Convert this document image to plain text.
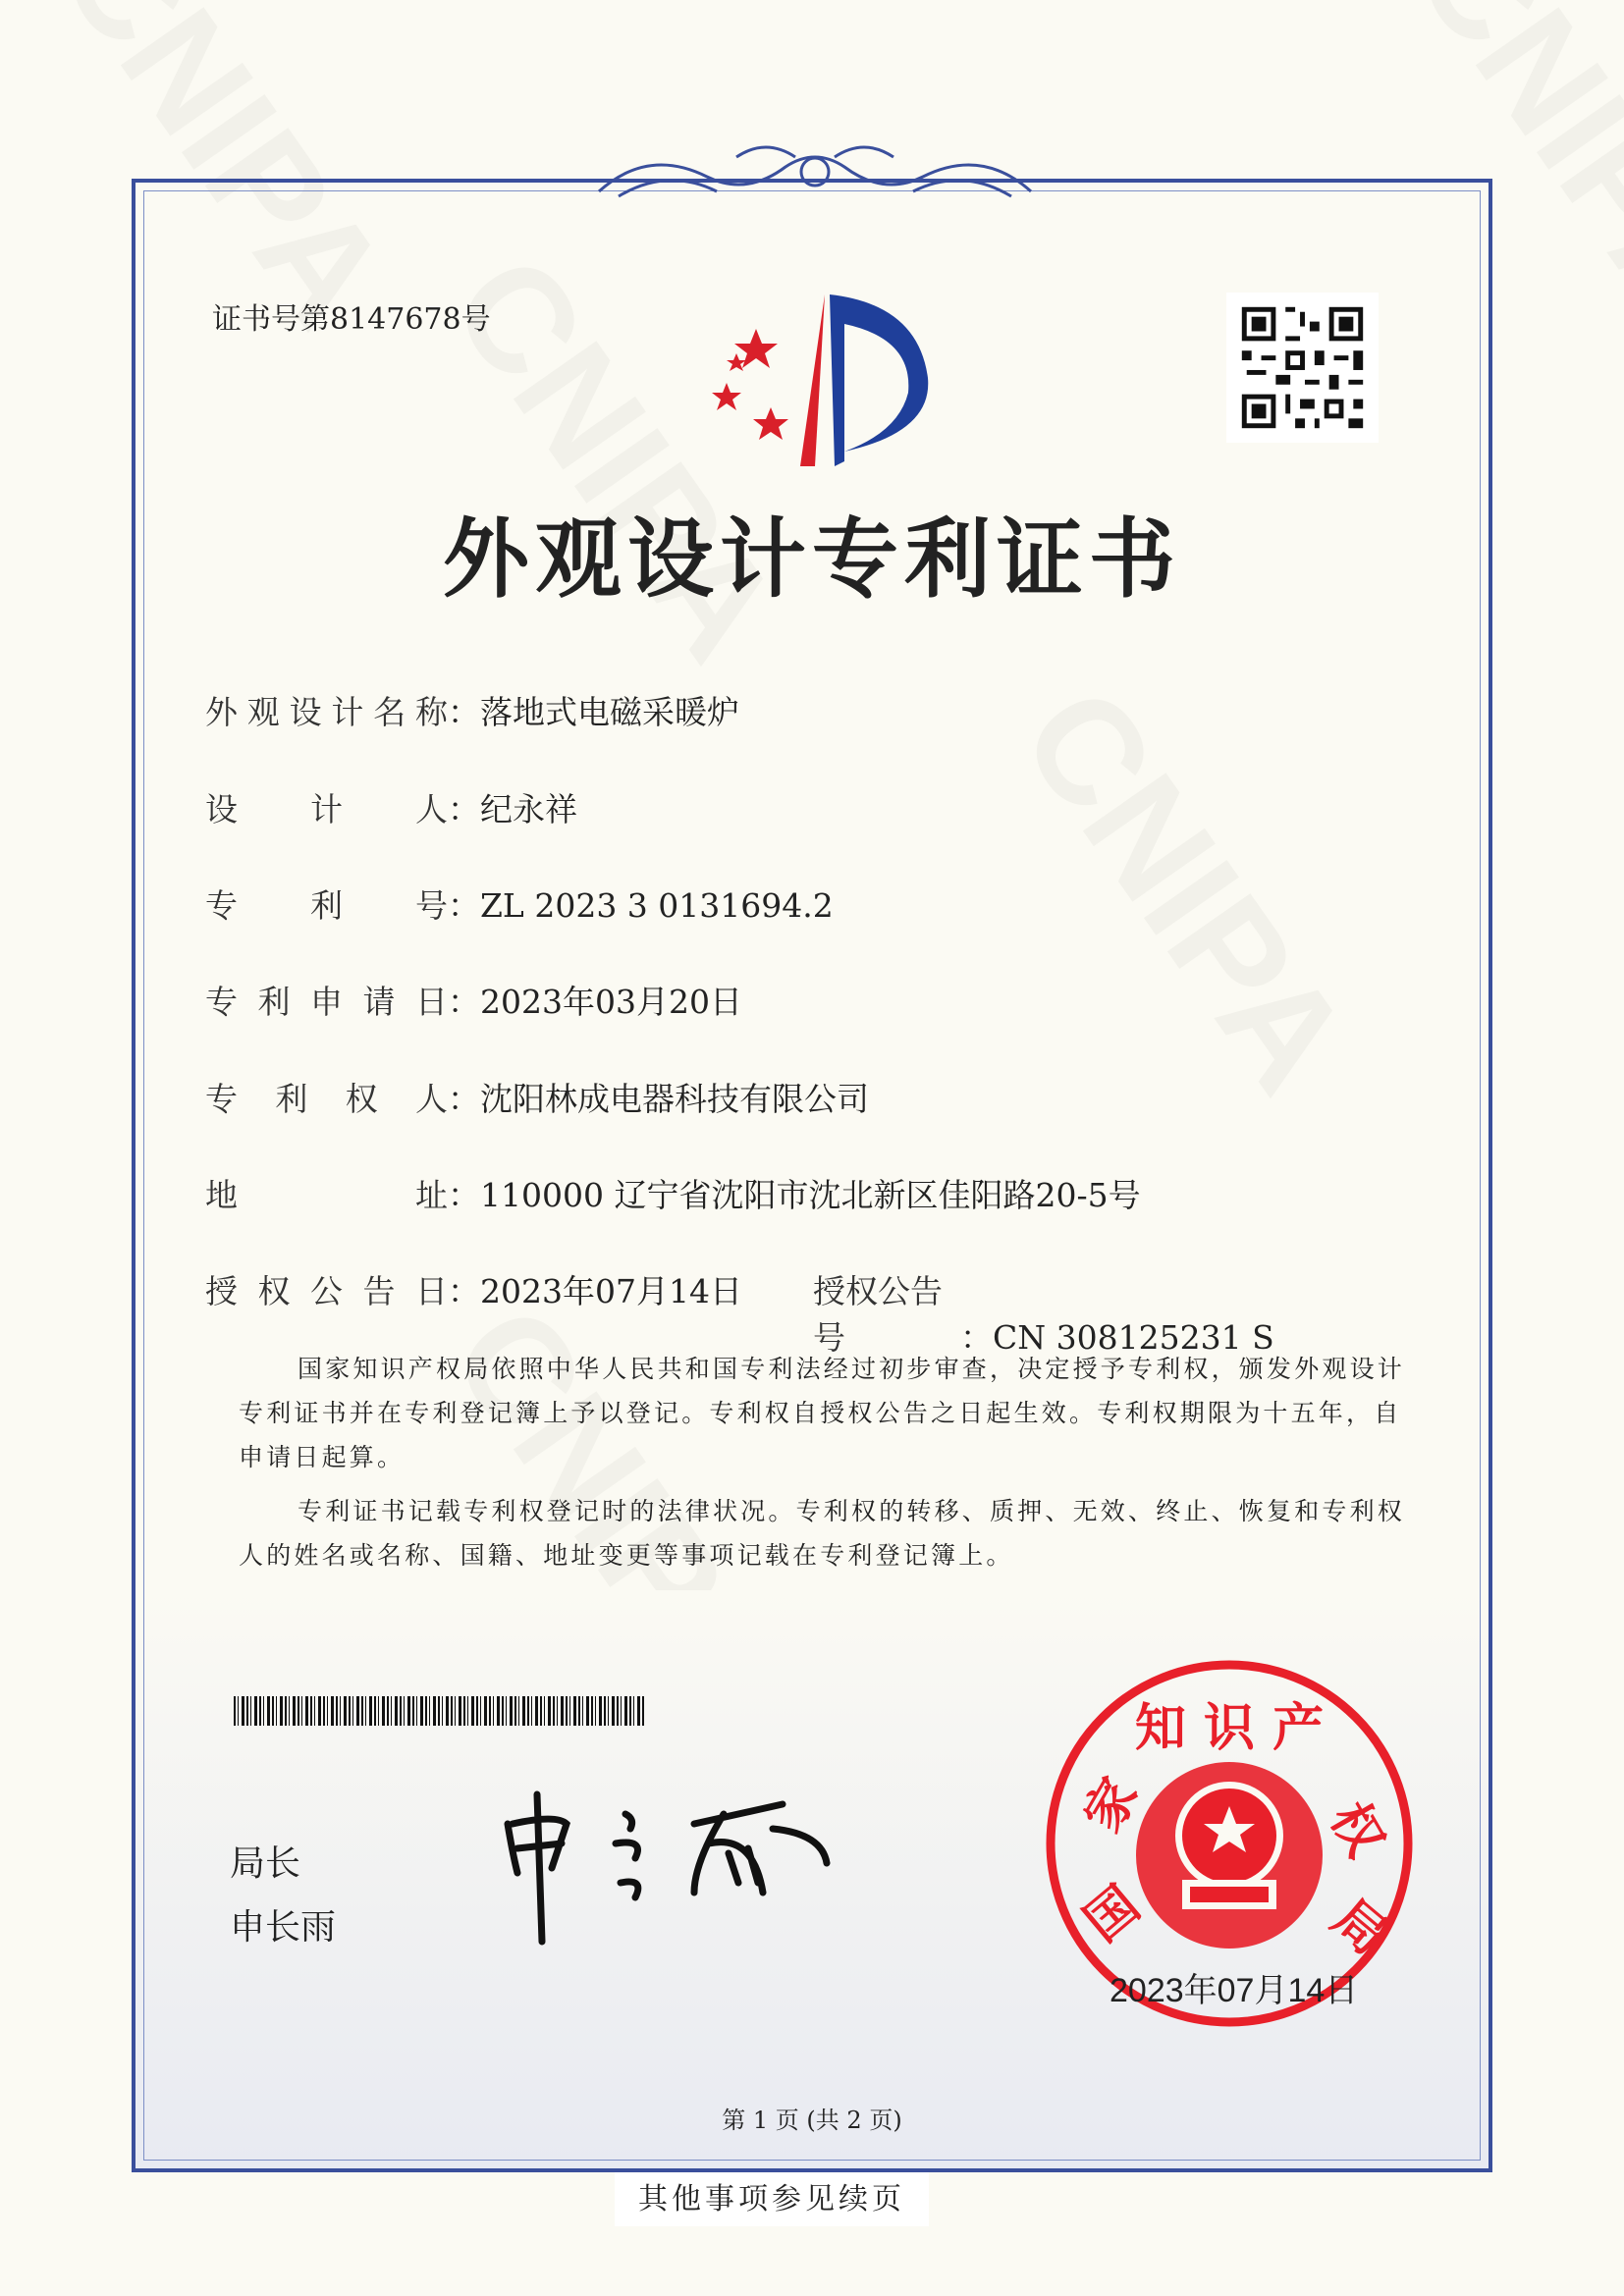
证书号第8147678号
外观设计专利证书
外观设计名称：落地式电磁采暖炉
设计人：纪永祥
专利号：ZL 2023 3 0131694.2
专利申请日：2023年03月20日
专利权人：沈阳林成电器科技有限公司
地址：110000 辽宁省沈阳市沈北新区佳阳路20-5号
授权公告日：2023年07月14日 授权公告号	：CN 308125231 S
国家知识产权局依照中华人民共和国专利法经过初步审查，决定授予专利权，颁发外观设计专利证书并在专利登记簿上予以登记。专利权自授权公告之日起生效。专利权期限为十五年，自申请日起算。
专利证书记载专利权登记时的法律状况。专利权的转移、质押、无效、终止、恢复和专利权人的姓名或名称、国籍、地址变更等事项记载在专利登记簿上。
局长
申长雨
知 识 产
家
国
权
局
2023年07月14日
第 1 页 (共 2 页)
其他事项参见续页
